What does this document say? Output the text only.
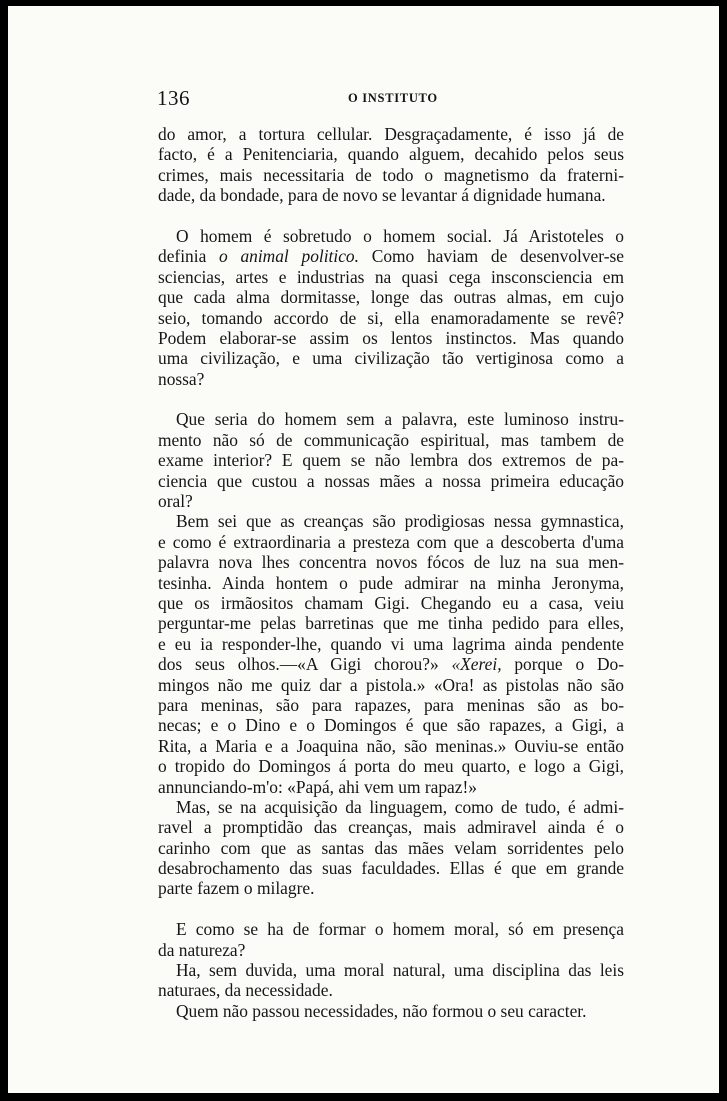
136	O INSTITUTO
do amor, a tortura cellular. Desgraçadamente, é isso já de
facto, é a Penitenciaria, quando alguem, decahido pelos seus
crimes, mais necessitaria de todo o magnetismo da fraterni-
dade, da bondade, para de novo se levantar á dignidade humana.
O homem é sobretudo o homem social. Já Aristoteles o
definia o animal politico. Como haviam de desenvolver-se
sciencias, artes e industrias na quasi cega insconsciencia em
que cada alma dormitasse, longe das outras almas, em cujo
seio, tomando accordo de si, ella enamoradamente se revê?
Podem elaborar-se assim os lentos instinctos. Mas quando
uma civilização, e uma civilização tão vertiginosa como a
nossa?
Que seria do homem sem a palavra, este luminoso instru-
mento não só de communicação espiritual, mas tambem de
exame interior? E quem se não lembra dos extremos de pa-
ciencia que custou a nossas mães a nossa primeira educação
oral?
Bem sei que as creanças são prodigiosas nessa gymnastica,
e como é extraordinaria a presteza com que a descoberta d'uma
palavra nova lhes concentra novos fócos de luz na sua men-
tesinha. Ainda hontem o pude admirar na minha Jeronyma,
que os irmãositos chamam Gigi. Chegando eu a casa, veiu
perguntar-me pelas barretinas que me tinha pedido para elles,
e eu ia responder-lhe, quando vi uma lagrima ainda pendente
dos seus olhos.—«A Gigi chorou?» «Xerei, porque o Do-
mingos não me quiz dar a pistola.» «Ora! as pistolas não são
para meninas, são para rapazes, para meninas são as bo-
necas; e o Dino e o Domingos é que são rapazes, a Gigi, a
Rita, a Maria e a Joaquina não, são meninas.» Ouviu-se então
o tropido do Domingos á porta do meu quarto, e logo a Gigi,
annunciando-m'o: «Papá, ahi vem um rapaz!»
Mas, se na acquisição da linguagem, como de tudo, é admi-
ravel a promptidão das creanças, mais admiravel ainda é o
carinho com que as santas das mães velam sorridentes pelo
desabrochamento das suas faculdades. Ellas é que em grande
parte fazem o milagre.
E como se ha de formar o homem moral, só em presença
da natureza?
Ha, sem duvida, uma moral natural, uma disciplina das leis
naturaes, da necessidade.
Quem não passou necessidades, não formou o seu caracter.
